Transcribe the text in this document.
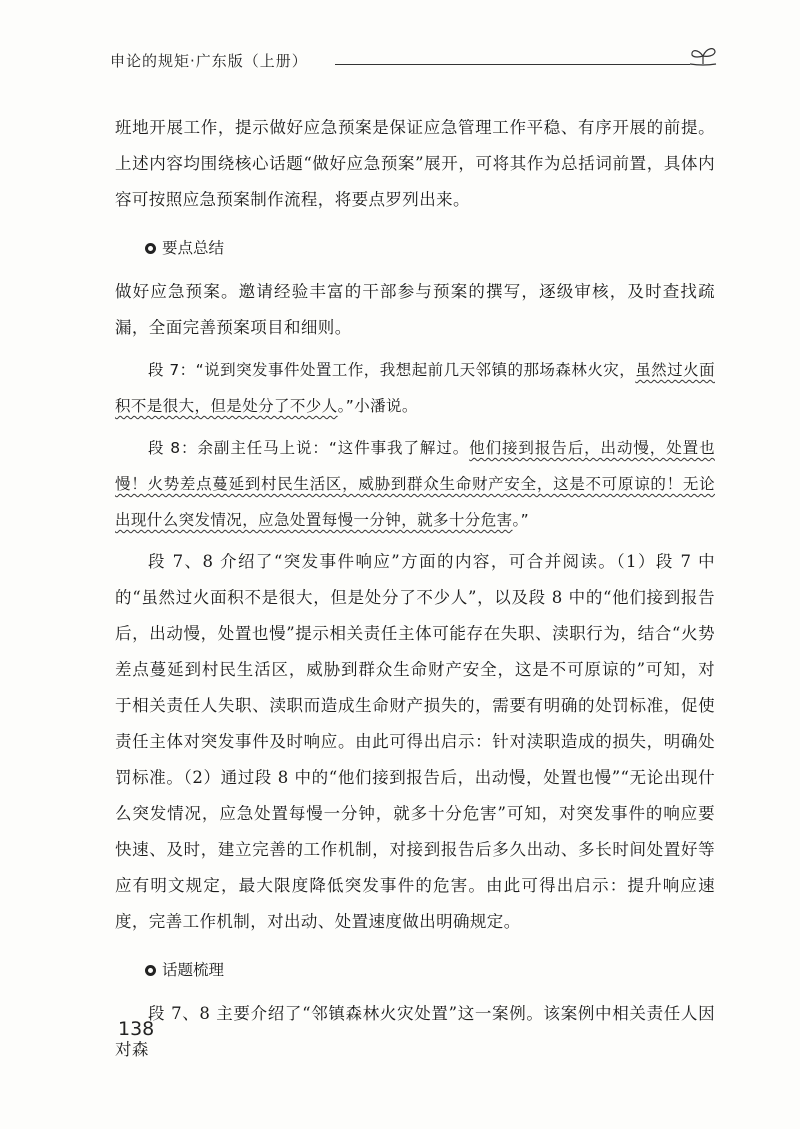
申论的规矩·广东版（上册）

班地开展工作，提示做好应急预案是保证应急管理工作平稳、有序开展的前提。上述内容均围绕核心话题“做好应急预案”展开，可将其作为总括词前置，具体内容可按照应急预案制作流程，将要点罗列出来。

要点总结

做好应急预案。邀请经验丰富的干部参与预案的撰写，逐级审核，及时查找疏漏，全面完善预案项目和细则。

段 7：“说到突发事件处置工作，我想起前几天邻镇的那场森林火灾，虽然过火面积不是很大，但是处分了不少人。”小潘说。

段 8：余副主任马上说：“这件事我了解过。他们接到报告后，出动慢，处置也慢！火势差点蔓延到村民生活区，威胁到群众生命财产安全，这是不可原谅的！无论出现什么突发情况，应急处置每慢一分钟，就多十分危害。”

段 7、8 介绍了“突发事件响应”方面的内容，可合并阅读。（1）段 7 中的“虽然过火面积不是很大，但是处分了不少人”，以及段 8 中的“他们接到报告后，出动慢，处置也慢”提示相关责任主体可能存在失职、渎职行为，结合“火势差点蔓延到村民生活区，威胁到群众生命财产安全，这是不可原谅的”可知，对于相关责任人失职、渎职而造成生命财产损失的，需要有明确的处罚标准，促使责任主体对突发事件及时响应。由此可得出启示：针对渎职造成的损失，明确处罚标准。（2）通过段 8 中的“他们接到报告后，出动慢，处置也慢”“无论出现什么突发情况，应急处置每慢一分钟，就多十分危害”可知，对突发事件的响应要快速、及时，建立完善的工作机制，对接到报告后多久出动、多长时间处置好等应有明文规定，最大限度降低突发事件的危害。由此可得出启示：提升响应速度，完善工作机制，对出动、处置速度做出明确规定。

话题梳理

段 7、8 主要介绍了“邻镇森林火灾处置”这一案例。该案例中相关责任人因对森

138
